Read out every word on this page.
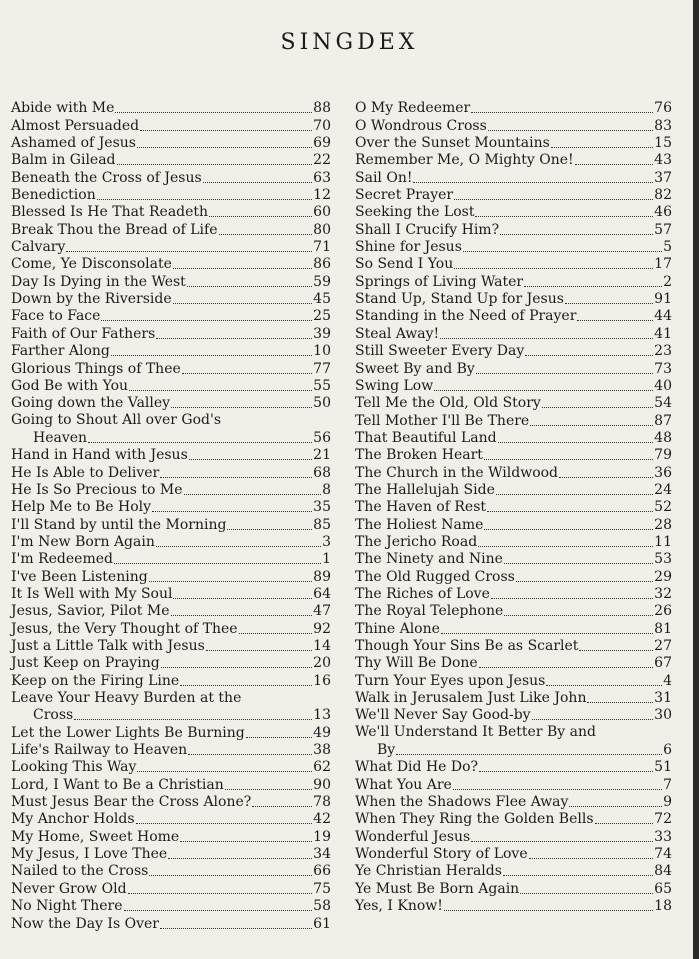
SINGDEX
Abide with Me	88
Almost Persuaded	70
Ashamed of Jesus	69
Balm in Gilead	22
Beneath the Cross of Jesus	63
Benediction	12
Blessed Is He That Readeth	60
Break Thou the Bread of Life	80
Calvary	71
Come, Ye Disconsolate	86
Day Is Dying in the West	59
Down by the Riverside	45
Face to Face	25
Faith of Our Fathers	39
Farther Along	10
Glorious Things of Thee	77
God Be with You	55
Going down the Valley	50
Going to Shout All over God's
Heaven	56
Hand in Hand with Jesus	21
He Is Able to Deliver	68
He Is So Precious to Me	8
Help Me to Be Holy	35
I'll Stand by until the Morning	85
I'm New Born Again	3
I'm Redeemed	1
I've Been Listening	89
It Is Well with My Soul	64
Jesus, Savior, Pilot Me	47
Jesus, the Very Thought of Thee	92
Just a Little Talk with Jesus	14
Just Keep on Praying	20
Keep on the Firing Line	16
Leave Your Heavy Burden at the
Cross	13
Let the Lower Lights Be Burning	49
Life's Railway to Heaven	38
Looking This Way	62
Lord, I Want to Be a Christian	90
Must Jesus Bear the Cross Alone?	78
My Anchor Holds	42
My Home, Sweet Home	19
My Jesus, I Love Thee	34
Nailed to the Cross	66
Never Grow Old	75
No Night There	58
Now the Day Is Over	61
O My Redeemer	76
O Wondrous Cross	83
Over the Sunset Mountains	15
Remember Me, O Mighty One!	43
Sail On!	37
Secret Prayer	82
Seeking the Lost	46
Shall I Crucify Him?	57
Shine for Jesus	5
So Send I You	17
Springs of Living Water	2
Stand Up, Stand Up for Jesus	91
Standing in the Need of Prayer	44
Steal Away!	41
Still Sweeter Every Day	23
Sweet By and By	73
Swing Low	40
Tell Me the Old, Old Story	54
Tell Mother I'll Be There	87
That Beautiful Land	48
The Broken Heart	79
The Church in the Wildwood	36
The Hallelujah Side	24
The Haven of Rest	52
The Holiest Name	28
The Jericho Road	11
The Ninety and Nine	53
The Old Rugged Cross	29
The Riches of Love	32
The Royal Telephone	26
Thine Alone	81
Though Your Sins Be as Scarlet	27
Thy Will Be Done	67
Turn Your Eyes upon Jesus	4
Walk in Jerusalem Just Like John	31
We'll Never Say Good-by	30
We'll Understand It Better By and
By	6
What Did He Do?	51
What You Are	7
When the Shadows Flee Away	9
When They Ring the Golden Bells	72
Wonderful Jesus	33
Wonderful Story of Love	74
Ye Christian Heralds	84
Ye Must Be Born Again	65
Yes, I Know!	18
